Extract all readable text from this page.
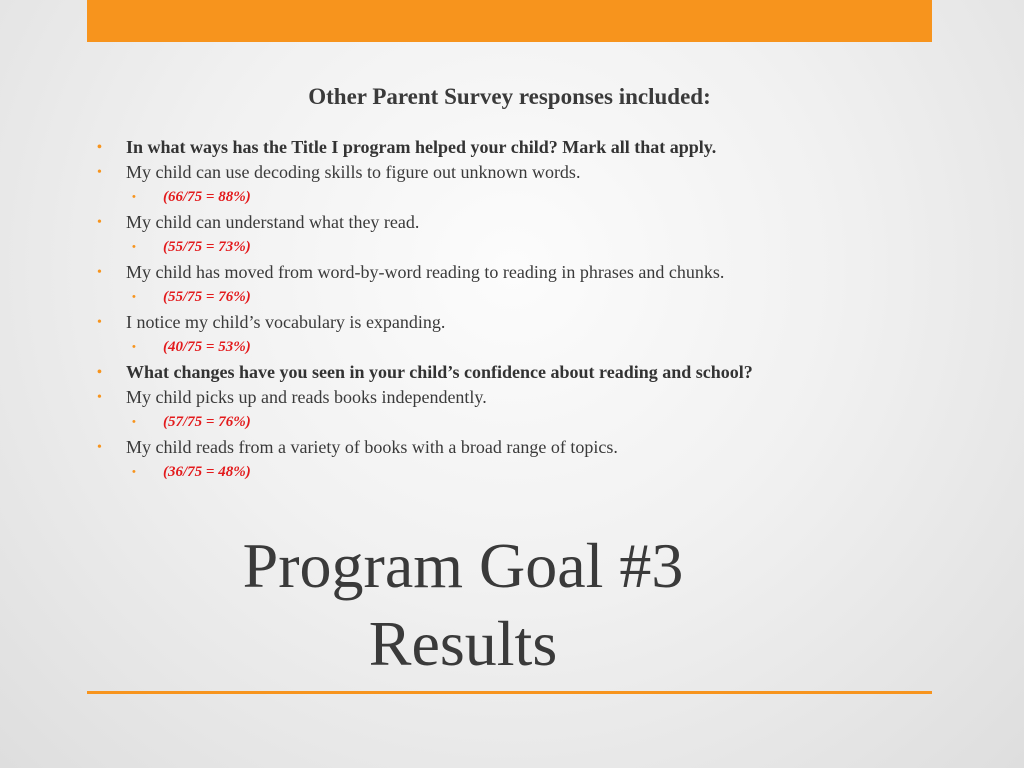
Other Parent Survey responses included:
• In what ways has the Title I program helped your child? Mark all that apply.
• My child can use decoding skills to figure out unknown words.
• (66/75 = 88%)
• My child can understand what they read.
• (55/75 = 73%)
• My child has moved from word-by-word reading to reading in phrases and chunks.
• (55/75 = 76%)
• I notice my child’s vocabulary is expanding.
• (40/75 = 53%)
• What changes have you seen in your child’s confidence about reading and school?
• My child picks up and reads books independently.
• (57/75 = 76%)
• My child reads from a variety of books with a broad range of topics.
• (36/75 = 48%)
Program Goal #3
Results
